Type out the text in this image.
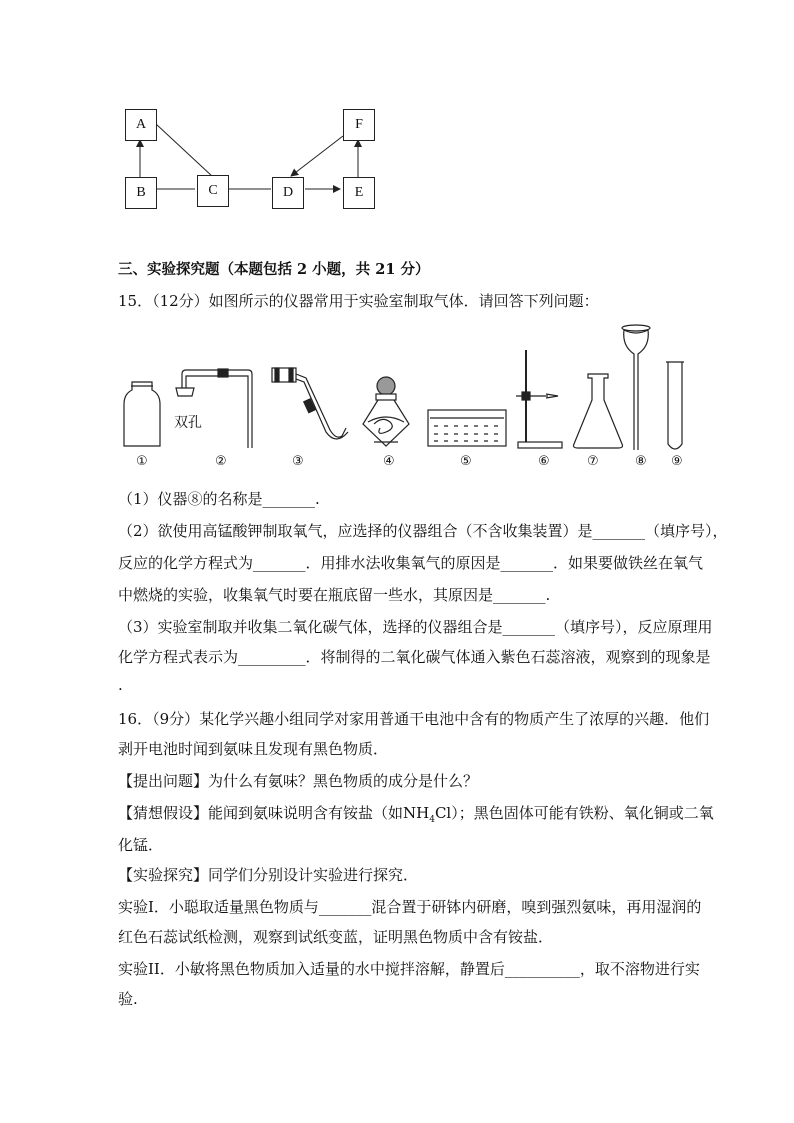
A
B	C	D	E
F
三、实验探究题（本题包括 2 小题，共 21 分）
15．（12分）如图所示的仪器常用于实验室制取气体．请回答下列问题：
双孔
①	②	③	④	⑤	⑥	⑦	⑧ ⑨
（1）仪器⑧的名称是_______.
（2）欲使用高锰酸钾制取氧气，应选择的仪器组合（不含收集装置）是_______（填序号），
反应的化学方程式为_______．用排水法收集氧气的原因是_______．如果要做铁丝在氧气
中燃烧的实验，收集氧气时要在瓶底留一些水，其原因是_______.
（3）实验室制取并收集二氧化碳气体，选择的仪器组合是_______（填序号），反应原理用
化学方程式表示为_________．将制得的二氧化碳气体通入紫色石蕊溶液，观察到的现象是
.
16．（9分）某化学兴趣小组同学对家用普通干电池中含有的物质产生了浓厚的兴趣．他们
剥开电池时闻到氨味且发现有黑色物质．
【提出问题】为什么有氨味？黑色物质的成分是什么？
【猜想假设】能闻到氨味说明含有铵盐（如$NH_4Cl$）；黑色固体可能有铁粉、氧化铜或二氧
化锰．
【实验探究】同学们分别设计实验进行探究．
实验Ⅰ．小聪取适量黑色物质与_______混合置于研钵内研磨，嗅到强烈氨味，再用湿润的
红色石蕊试纸检测，观察到试纸变蓝，证明黑色物质中含有铵盐．
实验II．小敏将黑色物质加入适量的水中搅拌溶解，静置后__________，取不溶物进行实
验.
